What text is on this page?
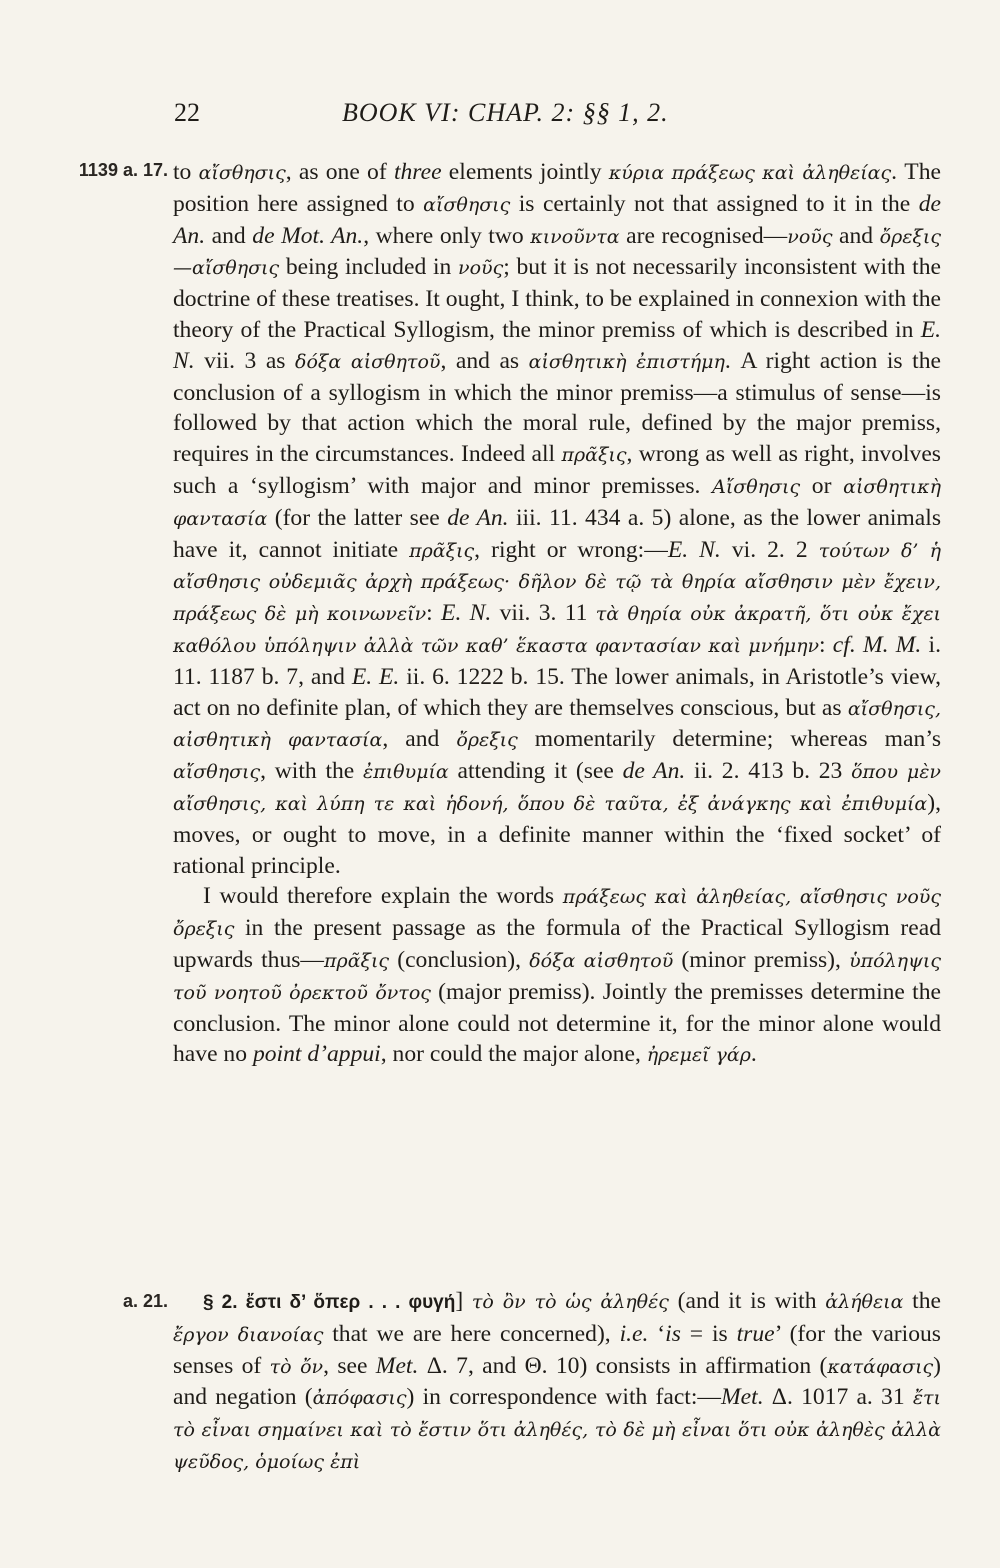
22	BOOK VI: CHAP. 2: §§ 1, 2.
1139 a. 17. to αἴσθησις, as one of three elements jointly κύρια πράξεως καὶ ἀληθείας. The position here assigned to αἴσθησις is certainly not that assigned to it in the de An. and de Mot. An., where only two κινοῦντα are recognised—νοῦς and ὄρεξις—αἴσθησις being included in νοῦς; but it is not necessarily inconsistent with the doctrine of these treatises. It ought, I think, to be explained in connexion with the theory of the Practical Syllogism, the minor premiss of which is described in E. N. vii. 3 as δόξα αἰσθητοῦ, and as αἰσθητικὴ ἐπιστήμη. A right action is the conclusion of a syllogism in which the minor premiss—a stimulus of sense—is followed by that action which the moral rule, defined by the major premiss, requires in the circumstances. Indeed all πρᾶξις, wrong as well as right, involves such a ‘syllogism’ with major and minor premisses. Αἴσθησις or αἰσθητικὴ φαντασία (for the latter see de An. iii. 11. 434 a. 5) alone, as the lower animals have it, cannot initiate πρᾶξις, right or wrong:—E. N. vi. 2. 2 τούτων δ’ ἡ αἴσθησις οὐδεμιᾶς ἀρχὴ πράξεως· δῆλον δὲ τῷ τὰ θηρία αἴσθησιν μὲν ἔχειν, πράξεως δὲ μὴ κοινωνεῖν: E. N. vii. 3. 11 τὰ θηρία οὐκ ἀκρατῆ, ὅτι οὐκ ἔχει καθόλου ὑπόληψιν ἀλλὰ τῶν καθ’ ἕκαστα φαντασίαν καὶ μνήμην: cf. M. M. i. 11. 1187 b. 7, and E. E. ii. 6. 1222 b. 15. The lower animals, in Aristotle’s view, act on no definite plan, of which they are themselves conscious, but as αἴσθησις, αἰσθητικὴ φαντασία, and ὄρεξις momentarily determine; whereas man’s αἴσθησις, with the ἐπιθυμία attending it (see de An. ii. 2. 413 b. 23 ὅπου μὲν αἴσθησις, καὶ λύπη τε καὶ ἡδονή, ὅπου δὲ ταῦτα, ἐξ ἀνάγκης καὶ ἐπιθυμία), moves, or ought to move, in a definite manner within the ‘fixed socket’ of rational principle.

I would therefore explain the words πράξεως καὶ ἀληθείας, αἴσθησις νοῦς ὄρεξις in the present passage as the formula of the Practical Syllogism read upwards thus—πρᾶξις (conclusion), δόξα αἰσθητοῦ (minor premiss), ὑπόληψις τοῦ νοητοῦ ὀρεκτοῦ ὄντος (major premiss). Jointly the premisses determine the conclusion. The minor alone could not determine it, for the minor alone would have no point d’appui, nor could the major alone, ἠρεμεῖ γάρ.

a. 21.	§ 2. ἔστι δ’ ὅπερ . . . φυγή] τὸ ὂν τὸ ὡς ἀληθές (and it is with ἀλήθεια the ἔργον διανοίας that we are here concerned), i.e. ‘is = is true’ (for the various senses of τὸ ὄν, see Met. Δ. 7, and Θ. 10) consists in affirmation (κατάφασις) and negation (ἀπόφασις) in correspondence with fact:—Met. Δ. 1017 a. 31 ἔτι τὸ εἶναι σημαίνει καὶ τὸ ἔστιν ὅτι ἀληθές, τὸ δὲ μὴ εἶναι ὅτι οὐκ ἀληθὲς ἀλλὰ ψεῦδος, ὁμοίως ἐπὶ
